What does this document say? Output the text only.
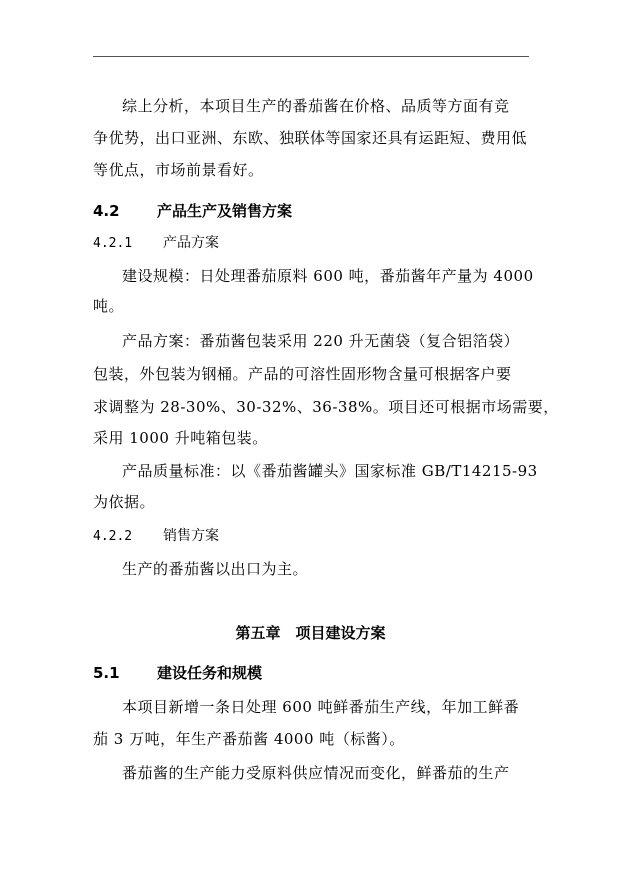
综上分析，本项目生产的番茄酱在价格、品质等方面有竞
争优势，出口亚洲、东欧、独联体等国家还具有运距短、费用低
等优点，市场前景看好。
4.2 产品生产及销售方案
4.2.1 产品方案
建设规模：日处理番茄原料 600 吨，番茄酱年产量为 4000
吨。
产品方案：番茄酱包装采用 220 升无菌袋（复合铝箔袋）
包装，外包装为钢桶。产品的可溶性固形物含量可根据客户要
求调整为 28-30%、30-32%、36-38%。项目还可根据市场需要，
采用 1000 升吨箱包装。
产品质量标准：以《番茄酱罐头》国家标准 GB/T14215-93
为依据。
4.2.2 销售方案
生产的番茄酱以出口为主。
第五章　项目建设方案
5.1 建设任务和规模
本项目新增一条日处理 600 吨鲜番茄生产线，年加工鲜番
茄 3 万吨，年生产番茄酱 4000 吨（标酱）。
番茄酱的生产能力受原料供应情况而变化，鲜番茄的生产
